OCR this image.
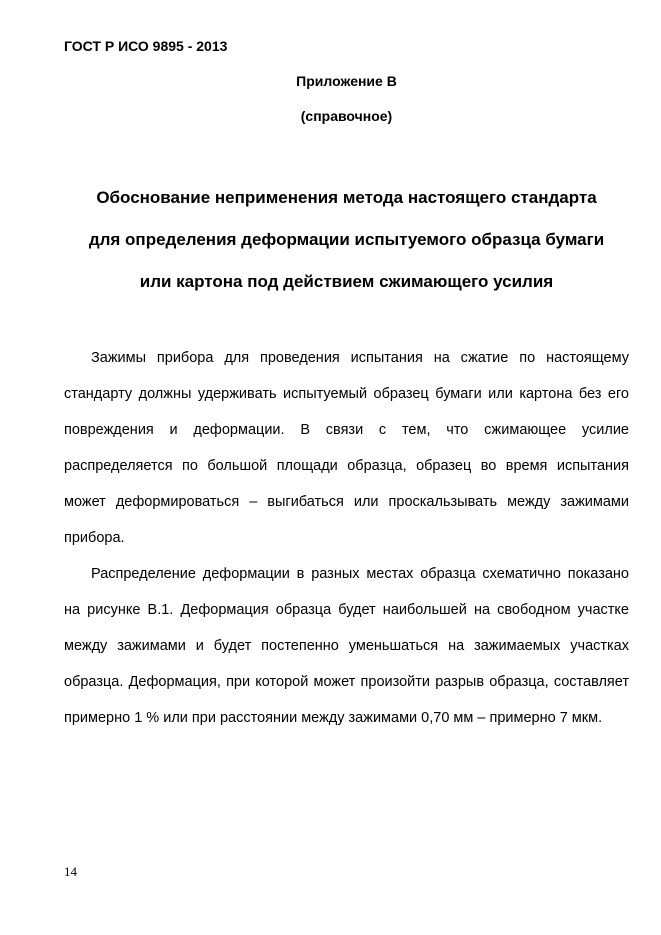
ГОСТ Р ИСО 9895 - 2013
Приложение В
(справочное)
Обоснование неприменения метода настоящего стандарта
для определения деформации испытуемого образца бумаги
или картона под действием сжимающего усилия

Зажимы прибора для проведения испытания на сжатие по настоящему стандарту должны удерживать испытуемый образец бумаги или картона без его повреждения и деформации. В связи с тем, что сжимающее усилие распределяется по большой площади образца, образец во время испытания может деформироваться – выгибаться или проскальзывать между зажимами прибора.

Распределение деформации в разных местах образца схематично показано на рисунке В.1. Деформация образца будет наибольшей на свободном участке между зажимами и будет постепенно уменьшаться на зажимаемых участках образца. Деформация, при которой может произойти разрыв образца, составляет примерно 1 % или при расстоянии между зажимами 0,70 мм – примерно 7 мкм.

14
